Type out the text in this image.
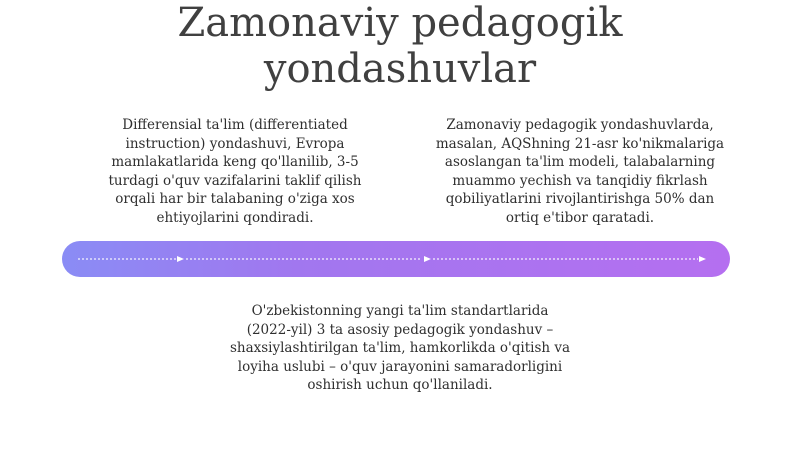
Zamonaviy pedagogik
yondashuvlar

Differensial ta'lim (differentiated
instruction) yondashuvi, Evropa
mamlakatlarida keng qo'llanilib, 3-5
turdagi o'quv vazifalarini taklif qilish
orqali har bir talabaning o'ziga xos
ehtiyojlarini qondiradi.

Zamonaviy pedagogik yondashuvlarda,
masalan, AQShning 21-asr ko'nikmalariga
asoslangan ta'lim modeli, talabalarning
muammo yechish va tanqidiy fikrlash
qobiliyatlarini rivojlantirishga 50% dan
ortiq e'tibor qaratadi.

O'zbekistonning yangi ta'lim standartlarida
(2022-yil) 3 ta asosiy pedagogik yondashuv –
shaxsiylashtirilgan ta'lim, hamkorlikda o'qitish va
loyiha uslubi – o'quv jarayonini samaradorligini
oshirish uchun qo'llaniladi.
